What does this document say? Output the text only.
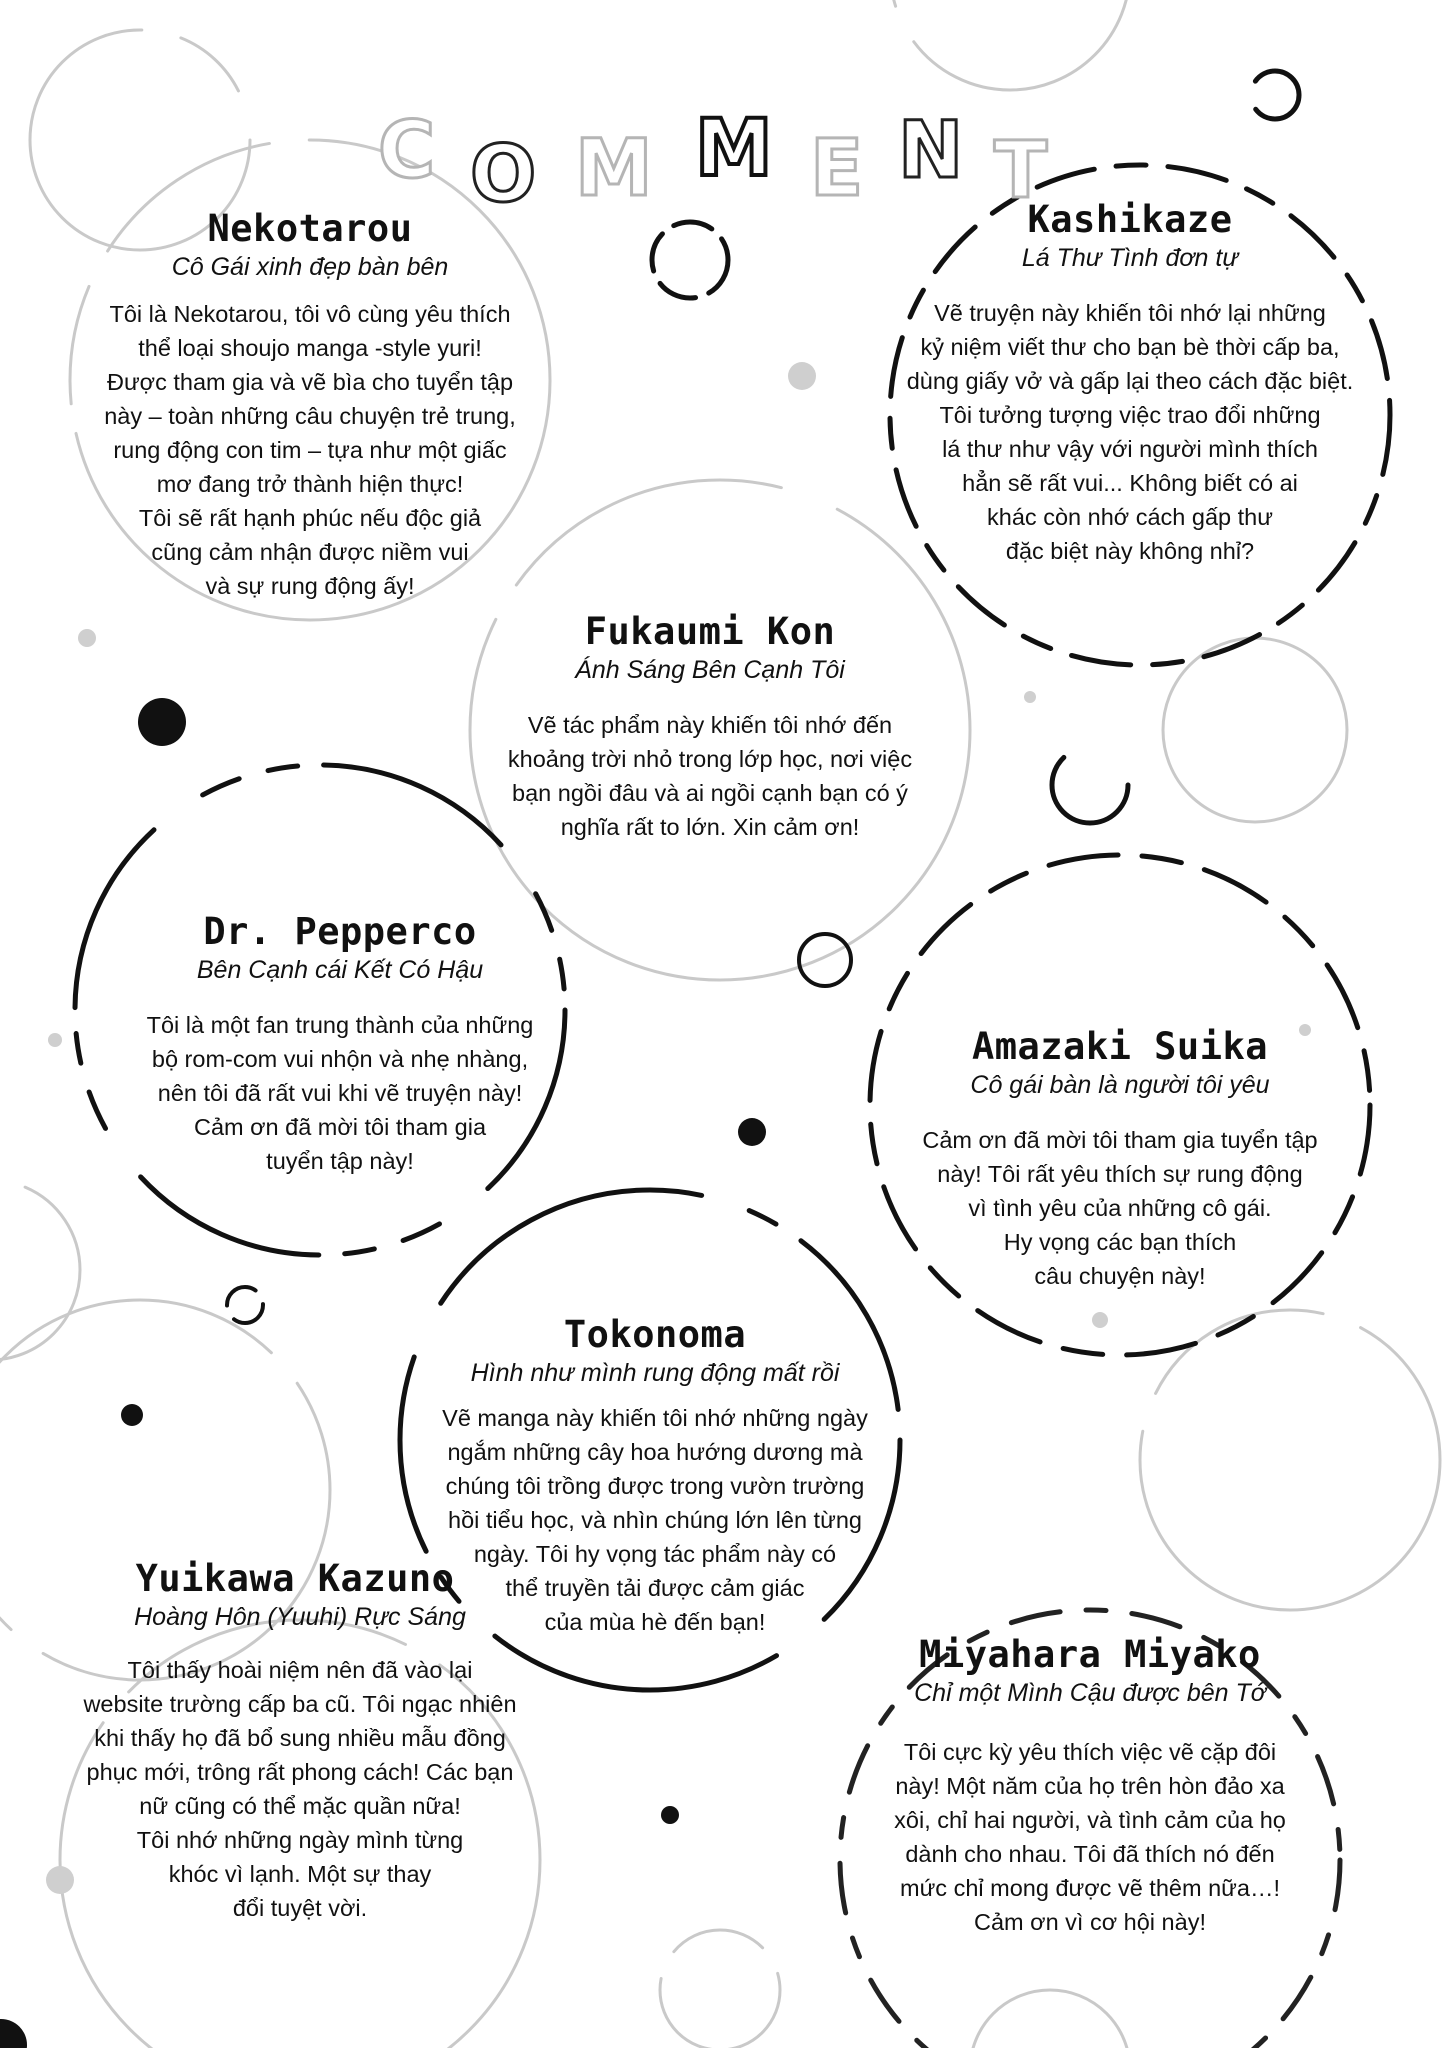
C O M M E N T
Nekotarou
Cô Gái xinh đẹp bàn bên
Tôi là Nekotarou, tôi vô cùng yêu thích
thể loại shoujo manga -style yuri!
Được tham gia và vẽ bìa cho tuyển tập
này – toàn những câu chuyện trẻ trung,
rung động con tim – tựa như một giấc
mơ đang trở thành hiện thực!
Tôi sẽ rất hạnh phúc nếu độc giả
cũng cảm nhận được niềm vui
và sự rung động ấy!
Kashikaze
Lá Thư Tình đơn tự
Vẽ truyện này khiến tôi nhớ lại những
kỷ niệm viết thư cho bạn bè thời cấp ba,
dùng giấy vở và gấp lại theo cách đặc biệt.
Tôi tưởng tượng việc trao đổi những
lá thư như vậy với người mình thích
hẳn sẽ rất vui... Không biết có ai
khác còn nhớ cách gấp thư
đặc biệt này không nhỉ?
Fukaumi Kon
Ánh Sáng Bên Cạnh Tôi
Vẽ tác phẩm này khiến tôi nhớ đến
khoảng trời nhỏ trong lớp học, nơi việc
bạn ngồi đâu và ai ngồi cạnh bạn có ý
nghĩa rất to lớn. Xin cảm ơn!
Dr. Pepperco
Bên Cạnh cái Kết Có Hậu
Tôi là một fan trung thành của những
bộ rom-com vui nhộn và nhẹ nhàng,
nên tôi đã rất vui khi vẽ truyện này!
Cảm ơn đã mời tôi tham gia
tuyển tập này!
Amazaki Suika
Cô gái bàn là người tôi yêu
Cảm ơn đã mời tôi tham gia tuyển tập
này! Tôi rất yêu thích sự rung động
vì tình yêu của những cô gái.
Hy vọng các bạn thích
câu chuyện này!
Tokonoma
Hình như mình rung động mất rồi
Vẽ manga này khiến tôi nhớ những ngày
ngắm những cây hoa hướng dương mà
chúng tôi trồng được trong vườn trường
hồi tiểu học, và nhìn chúng lớn lên từng
ngày. Tôi hy vọng tác phẩm này có
thể truyền tải được cảm giác
của mùa hè đến bạn!
Yuikawa Kazuno
Hoàng Hôn (Yuuhi) Rực Sáng
Tôi thấy hoài niệm nên đã vào lại
website trường cấp ba cũ. Tôi ngạc nhiên
khi thấy họ đã bổ sung nhiều mẫu đồng
phục mới, trông rất phong cách! Các bạn
nữ cũng có thể mặc quần nữa!
Tôi nhớ những ngày mình từng
khóc vì lạnh. Một sự thay
đổi tuyệt vời.
Miyahara Miyako
Chỉ một Mình Cậu được bên Tớ
Tôi cực kỳ yêu thích việc vẽ cặp đôi
này! Một năm của họ trên hòn đảo xa
xôi, chỉ hai người, và tình cảm của họ
dành cho nhau. Tôi đã thích nó đến
mức chỉ mong được vẽ thêm nữa…!
Cảm ơn vì cơ hội này!
